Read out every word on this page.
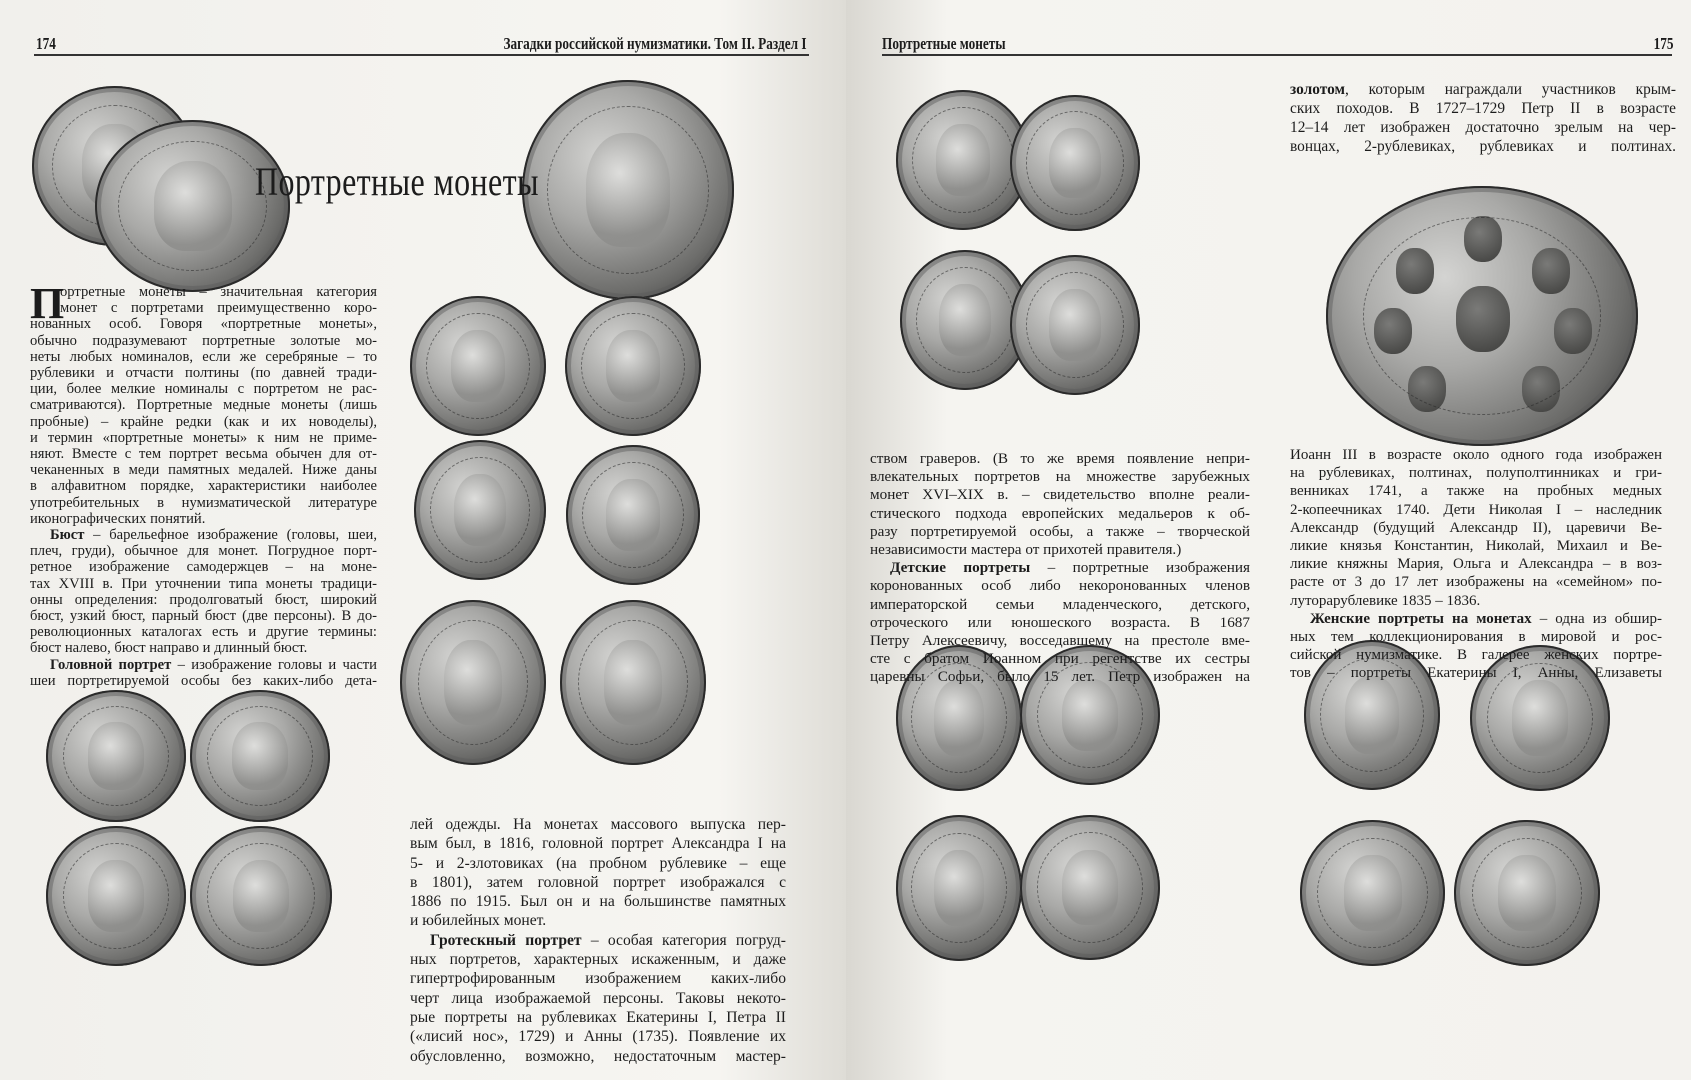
174	Загадки российской нумизматики. Том II. Раздел I
Портретные монеты
П
ортретные монеты – значительная категория
монет с портретами преимущественно коро-
нованных особ. Говоря «портретные монеты»,
обычно подразумевают портретные золотые мо-
неты любых номиналов, если же серебряные – то
рублевики и отчасти полтины (по давней тради-
ции, более мелкие номиналы с портретом не рас-
сматриваются). Портретные медные монеты (лишь
пробные) – крайне редки (как и их новоделы),
и термин «портретные монеты» к ним не приме-
няют. Вместе с тем портрет весьма обычен для от-
чеканенных в меди памятных медалей. Ниже даны
в алфавитном порядке, характеристики наиболее
употребительных в нумизматической литературе
иконографических понятий.
Бюст – барельефное изображение (головы, шеи,
плеч, груди), обычное для монет. Погрудное порт-
ретное изображение самодержцев – на моне-
тах XVIII в. При уточнении типа монеты традици-
онны определения: продолговатый бюст, широкий
бюст, узкий бюст, парный бюст (две персоны). В до-
революционных каталогах есть и другие термины:
бюст налево, бюст направо и длинный бюст.
Головной портрет – изображение головы и части
шеи портретируемой особы без каких-либо дета-
лей одежды. На монетах массового выпуска пер-
вым был, в 1816, головной портрет Александра I на
5- и 2-злотовиках (на пробном рублевике – еще
в 1801), затем головной портрет изображался с
1886 по 1915. Был он и на большинстве памятных
и юбилейных монет.
Гротескный портрет – особая категория погруд-
ных портретов, характерных искаженным, и даже
гипертрофированным изображением каких-либо
черт лица изображаемой персоны. Таковы некото-
рые портреты на рублевиках Екатерины I, Петра II
(«лисий нос», 1729) и Анны (1735). Появление их
обусловленно, возможно, недостаточным мастер-
Портретные монеты	175
ством граверов. (В то же время появление непри-
влекательных портретов на множестве зарубежных
монет XVI–XIX в. – свидетельство вполне реали-
стического подхода европейских медальеров к об-
разу портретируемой особы, а также – творческой
независимости мастера от прихотей правителя.)
Детские портреты – портретные изображения
коронованных особ либо некоронованных членов
императорской семьи младенческого, детского,
отроческого или юношеского возраста. В 1687
Петру Алексеевичу, восседавшему на престоле вме-
сте с братом Иоанном при регентстве их сестры
царевны Софьи, было 15 лет. Петр изображен на
золотом, которым награждали участников крым-
ских походов. В 1727–1729 Петр II в возрасте
12–14 лет изображен достаточно зрелым на чер-
вонцах, 2-рублевиках, рублевиках и полтинах.
Иоанн III в возрасте около одного года изображен
на рублевиках, полтинах, полуполтинниках и гри-
венниках 1741, а также на пробных медных
2-копеечниках 1740. Дети Николая I – наследник
Александр (будущий Александр II), царевичи Ве-
ликие князья Константин, Николай, Михаил и Ве-
ликие княжны Мария, Ольга и Александра – в воз-
расте от 3 до 17 лет изображены на «семейном» по-
луторарублевике 1835 – 1836.
Женские портреты на монетах – одна из обшир-
ных тем коллекционирования в мировой и рос-
сийской нумизматике. В галерее женских портре-
тов – портреты Екатерины I, Анны, Елизаветы
